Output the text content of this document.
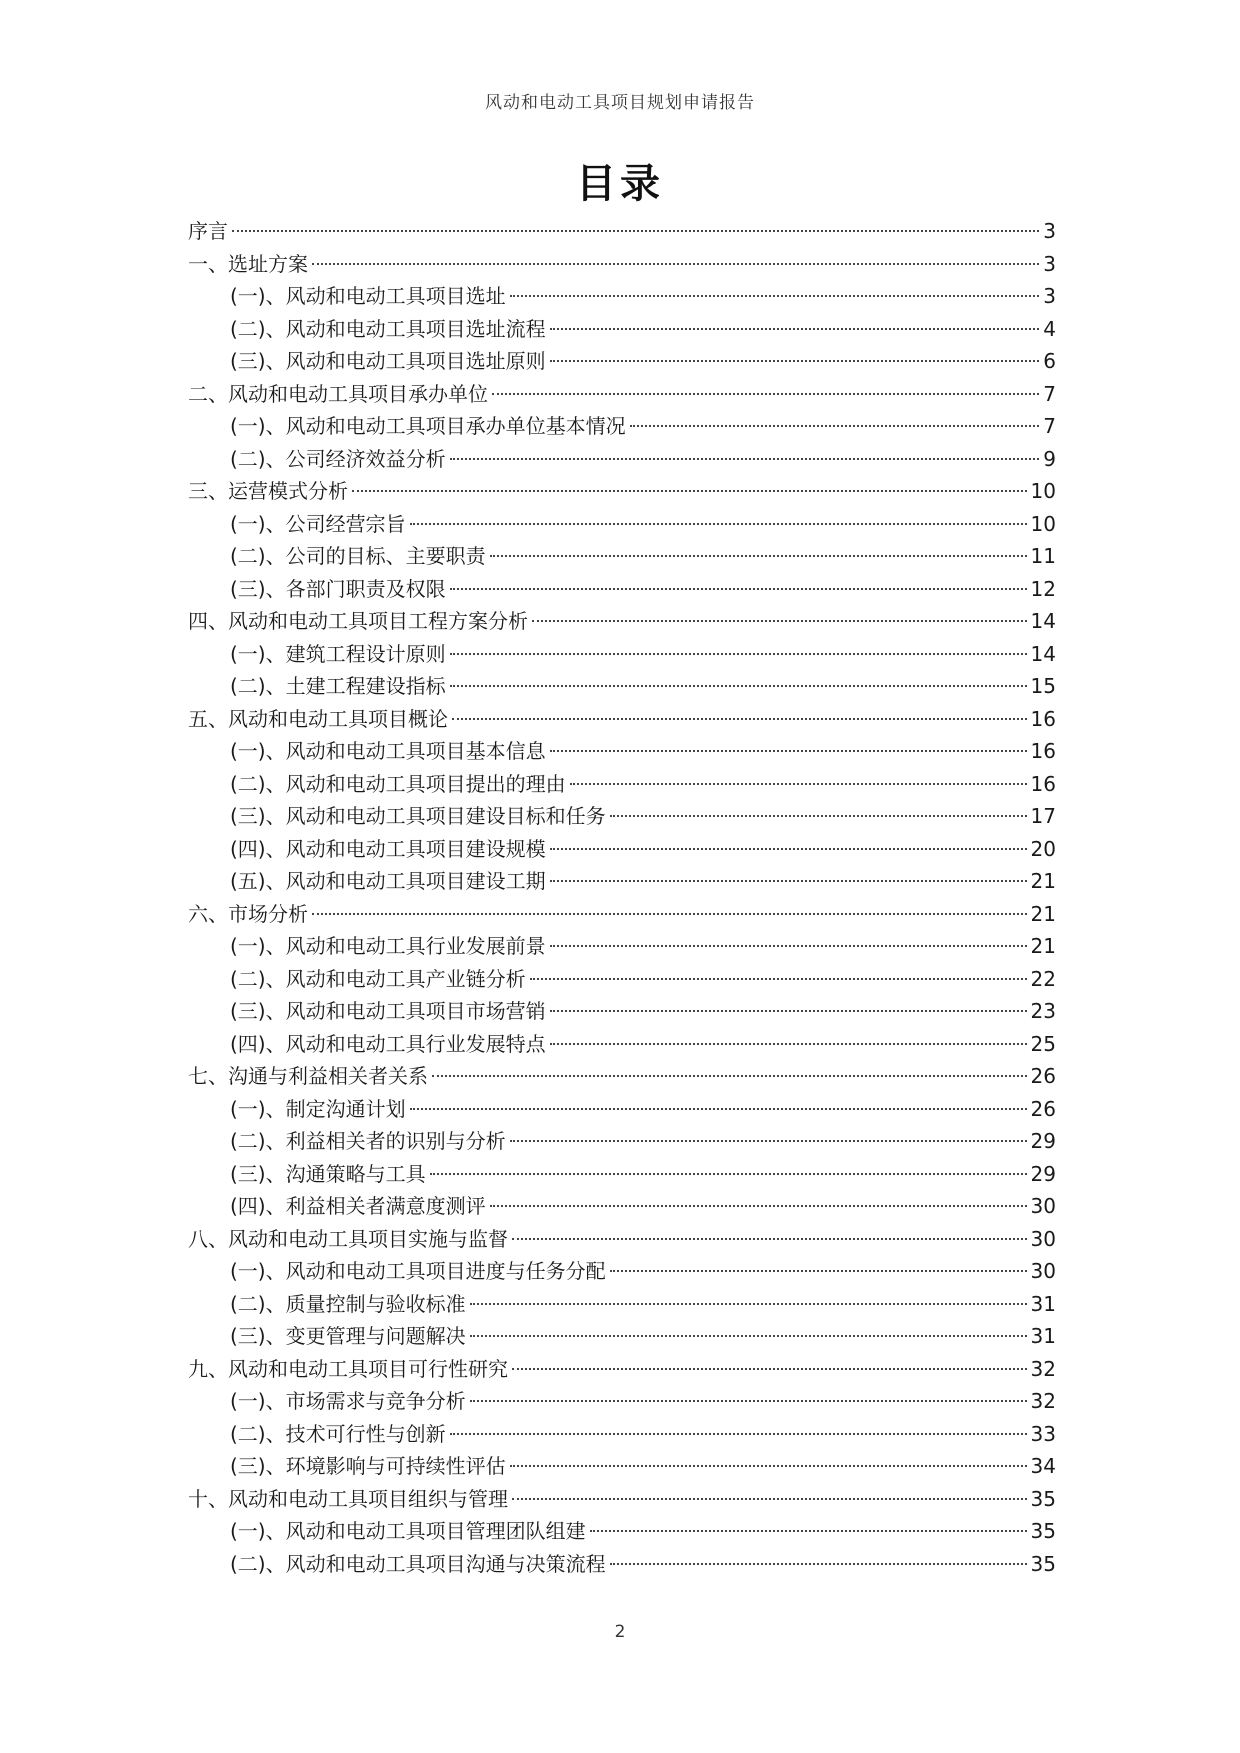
风动和电动工具项目规划申请报告
目录
序言	3
一、选址方案	3
(一)、风动和电动工具项目选址	3
(二)、风动和电动工具项目选址流程	4
(三)、风动和电动工具项目选址原则	6
二、风动和电动工具项目承办单位	7
(一)、风动和电动工具项目承办单位基本情况	7
(二)、公司经济效益分析	9
三、运营模式分析	10
(一)、公司经营宗旨	10
(二)、公司的目标、主要职责	11
(三)、各部门职责及权限	12
四、风动和电动工具项目工程方案分析	14
(一)、建筑工程设计原则	14
(二)、土建工程建设指标	15
五、风动和电动工具项目概论	16
(一)、风动和电动工具项目基本信息	16
(二)、风动和电动工具项目提出的理由	16
(三)、风动和电动工具项目建设目标和任务	17
(四)、风动和电动工具项目建设规模	20
(五)、风动和电动工具项目建设工期	21
六、市场分析	21
(一)、风动和电动工具行业发展前景	21
(二)、风动和电动工具产业链分析	22
(三)、风动和电动工具项目市场营销	23
(四)、风动和电动工具行业发展特点	25
七、沟通与利益相关者关系	26
(一)、制定沟通计划	26
(二)、利益相关者的识别与分析	29
(三)、沟通策略与工具	29
(四)、利益相关者满意度测评	30
八、风动和电动工具项目实施与监督	30
(一)、风动和电动工具项目进度与任务分配	30
(二)、质量控制与验收标准	31
(三)、变更管理与问题解决	31
九、风动和电动工具项目可行性研究	32
(一)、市场需求与竞争分析	32
(二)、技术可行性与创新	33
(三)、环境影响与可持续性评估	34
十、风动和电动工具项目组织与管理	35
(一)、风动和电动工具项目管理团队组建	35
(二)、风动和电动工具项目沟通与决策流程	35
2
